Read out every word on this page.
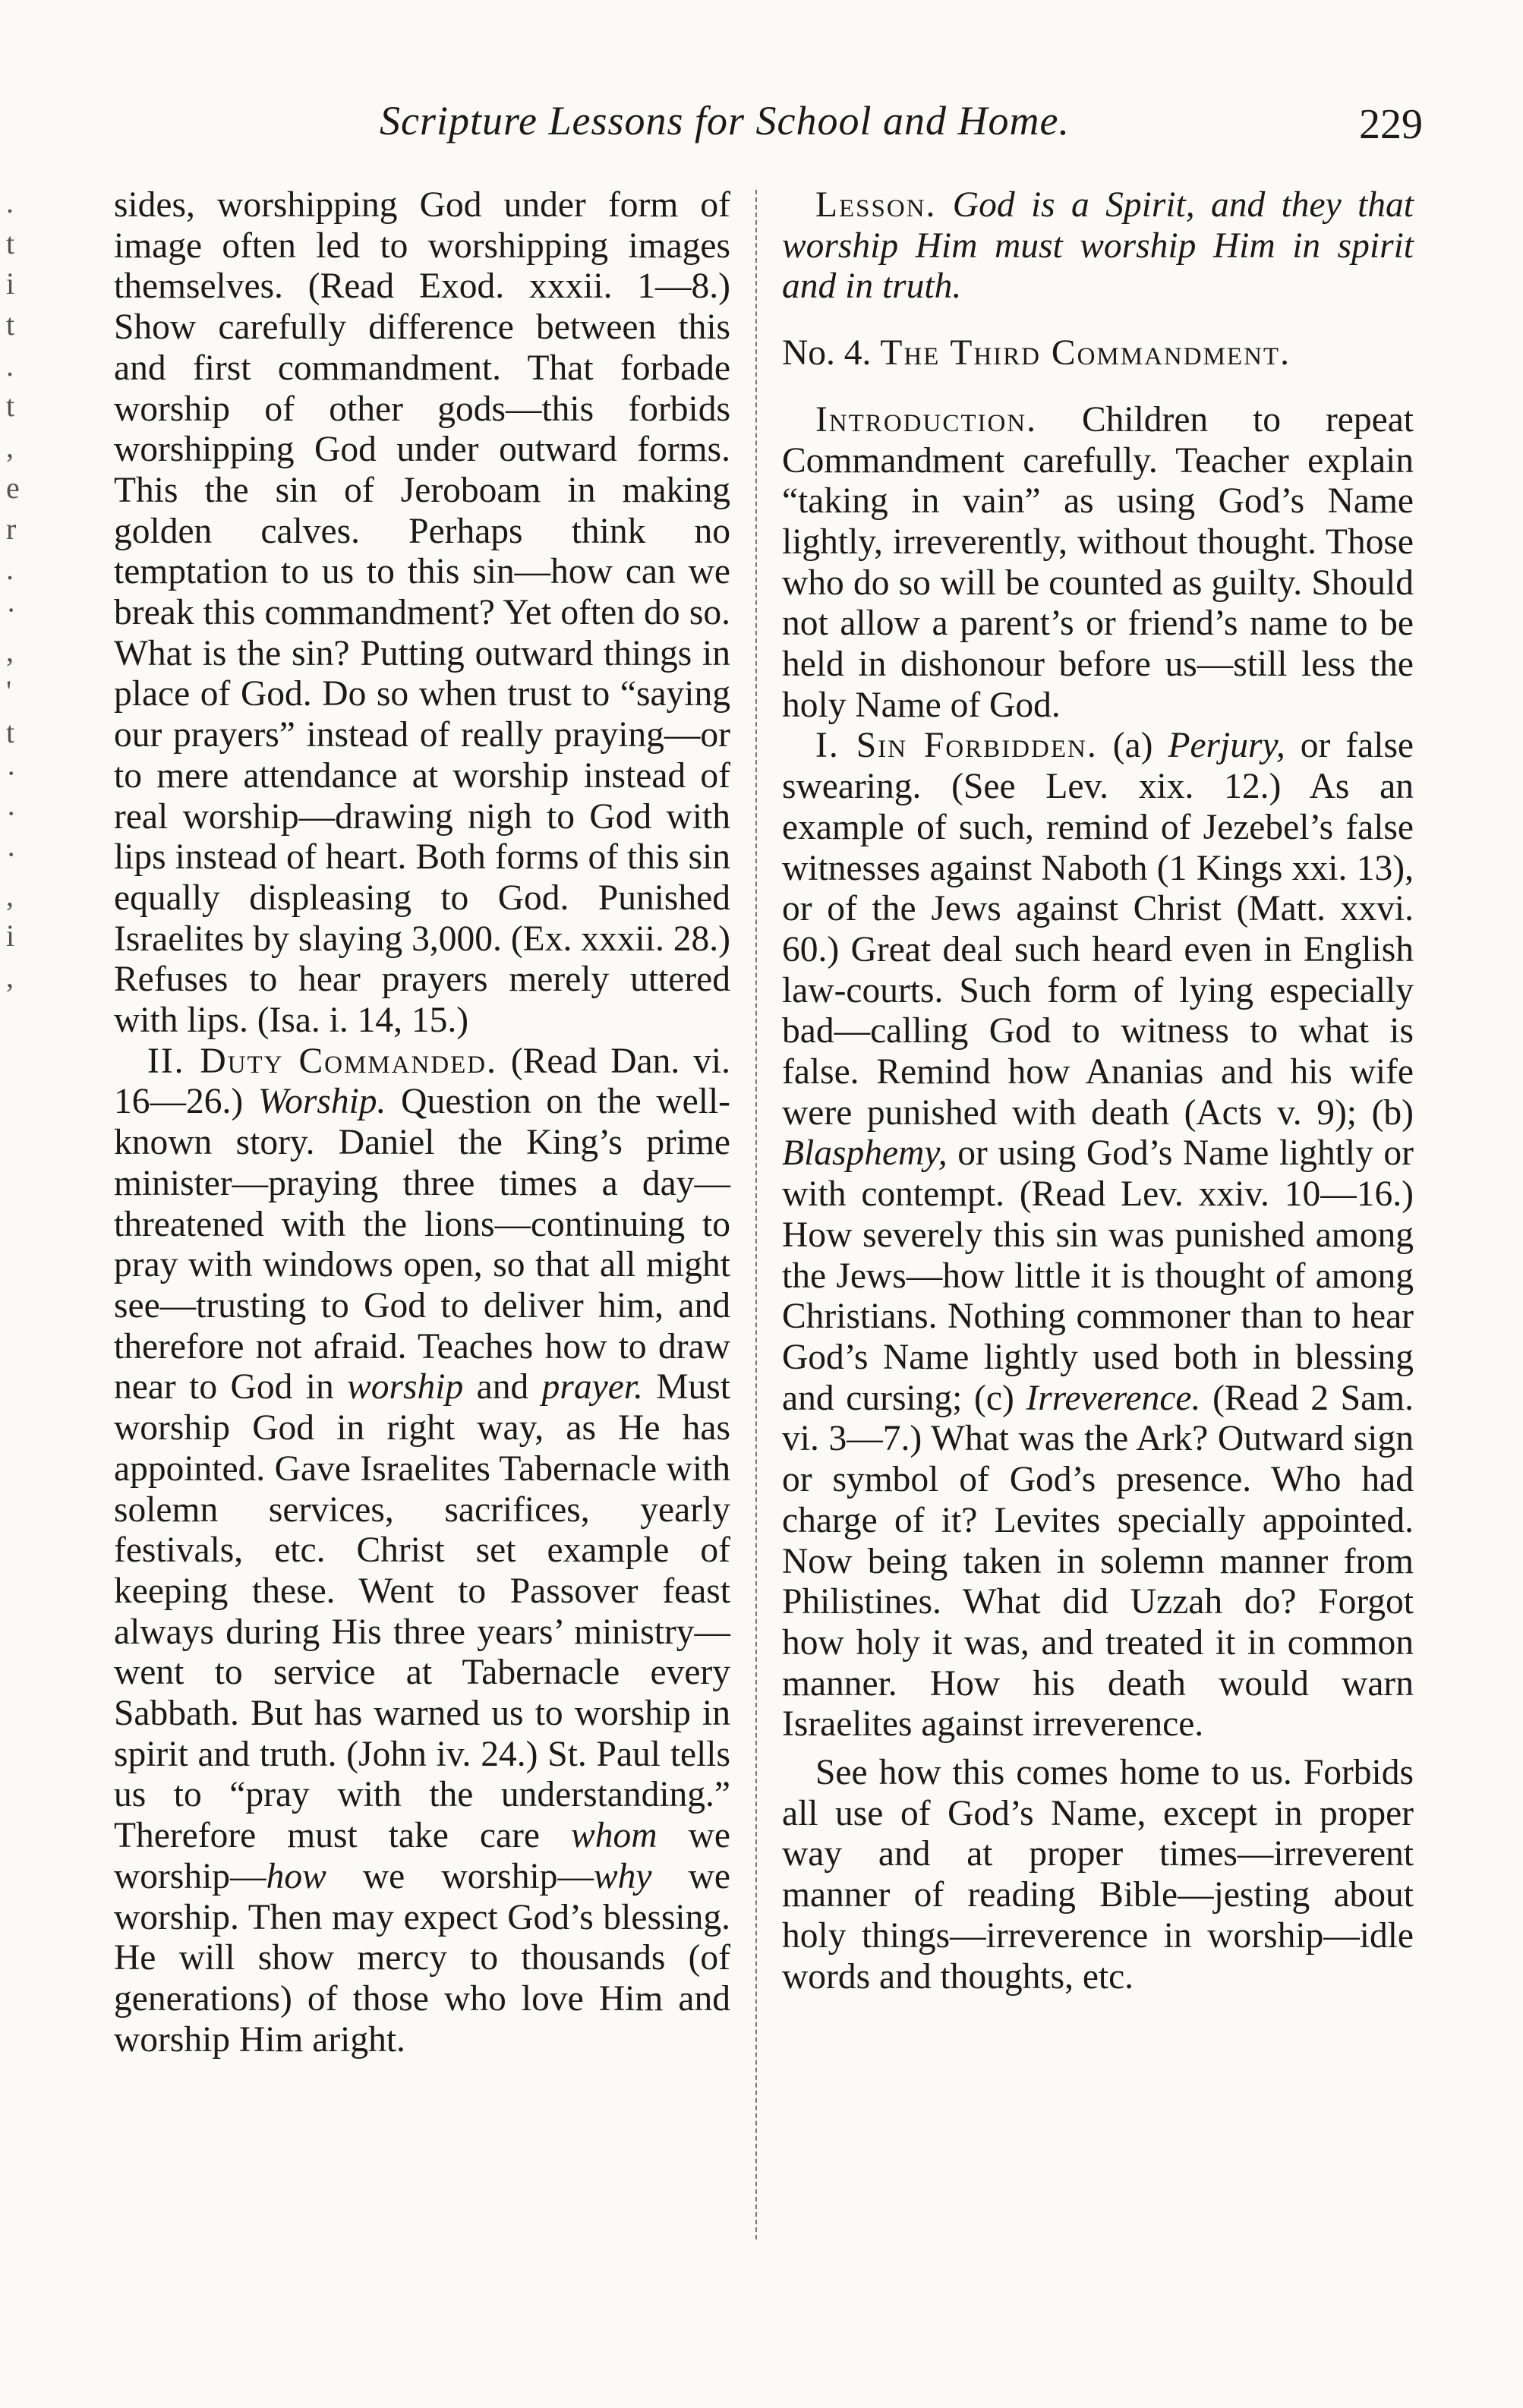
Scripture Lessons for School and Home.	229
.
t
i
t
.
t
,
e
r
.
·
,
'
t
·
·
·
,
i
,

sides, worshipping God under form of image often led to worshipping images themselves. (Read Exod. xxxii. 1—8.) Show carefully difference between this and first commandment. That forbade worship of other gods—this forbids worshipping God under outward forms. This the sin of Jeroboam in making golden calves. Perhaps think no temptation to us to this sin—how can we break this commandment? Yet often do so. What is the sin? Putting outward things in place of God. Do so when trust to “saying our prayers” instead of really praying—or to mere attendance at worship instead of real worship—drawing nigh to God with lips instead of heart. Both forms of this sin equally displeasing to God. Punished Israelites by slaying 3,000. (Ex. xxxii. 28.) Refuses to hear prayers merely uttered with lips. (Isa. i. 14, 15.)

II. Duty Commanded. (Read Dan. vi. 16—26.) Worship. Question on the well-known story. Daniel the King’s prime minister—praying three times a day—threatened with the lions—continuing to pray with windows open, so that all might see—trusting to God to deliver him, and therefore not afraid. Teaches how to draw near to God in worship and prayer. Must worship God in right way, as He has appointed. Gave Israelites Tabernacle with solemn services, sacrifices, yearly festivals, etc. Christ set example of keeping these. Went to Passover feast always during His three years’ ministry—went to service at Tabernacle every Sabbath. But has warned us to worship in spirit and truth. (John iv. 24.) St. Paul tells us to “pray with the understanding.” Therefore must take care whom we worship—how we worship—why we worship. Then may expect God’s blessing. He will show mercy to thousands (of generations) of those who love Him and worship Him aright.

Lesson. God is a Spirit, and they that worship Him must worship Him in spirit and in truth.

No. 4. The Third Commandment.

Introduction. Children to repeat Commandment carefully. Teacher explain “taking in vain” as using God’s Name lightly, irreverently, without thought. Those who do so will be counted as guilty. Should not allow a parent’s or friend’s name to be held in dishonour before us—still less the holy Name of God.

I. Sin Forbidden. (a) Perjury, or false swearing. (See Lev. xix. 12.) As an example of such, remind of Jezebel’s false witnesses against Naboth (1 Kings xxi. 13), or of the Jews against Christ (Matt. xxvi. 60.) Great deal such heard even in English law-courts. Such form of lying especially bad—calling God to witness to what is false. Remind how Ananias and his wife were punished with death (Acts v. 9); (b) Blasphemy, or using God’s Name lightly or with contempt. (Read Lev. xxiv. 10—16.) How severely this sin was punished among the Jews—how little it is thought of among Christians. Nothing commoner than to hear God’s Name lightly used both in blessing and cursing; (c) Irreverence. (Read 2 Sam. vi. 3—7.) What was the Ark? Outward sign or symbol of God’s presence. Who had charge of it? Levites specially appointed. Now being taken in solemn manner from Philistines. What did Uzzah do? Forgot how holy it was, and treated it in common manner. How his death would warn Israelites against irreverence.

See how this comes home to us. Forbids all use of God’s Name, except in proper way and at proper times—irreverent manner of reading Bible—jesting about holy things—irreverence in worship—idle words and thoughts, etc.
